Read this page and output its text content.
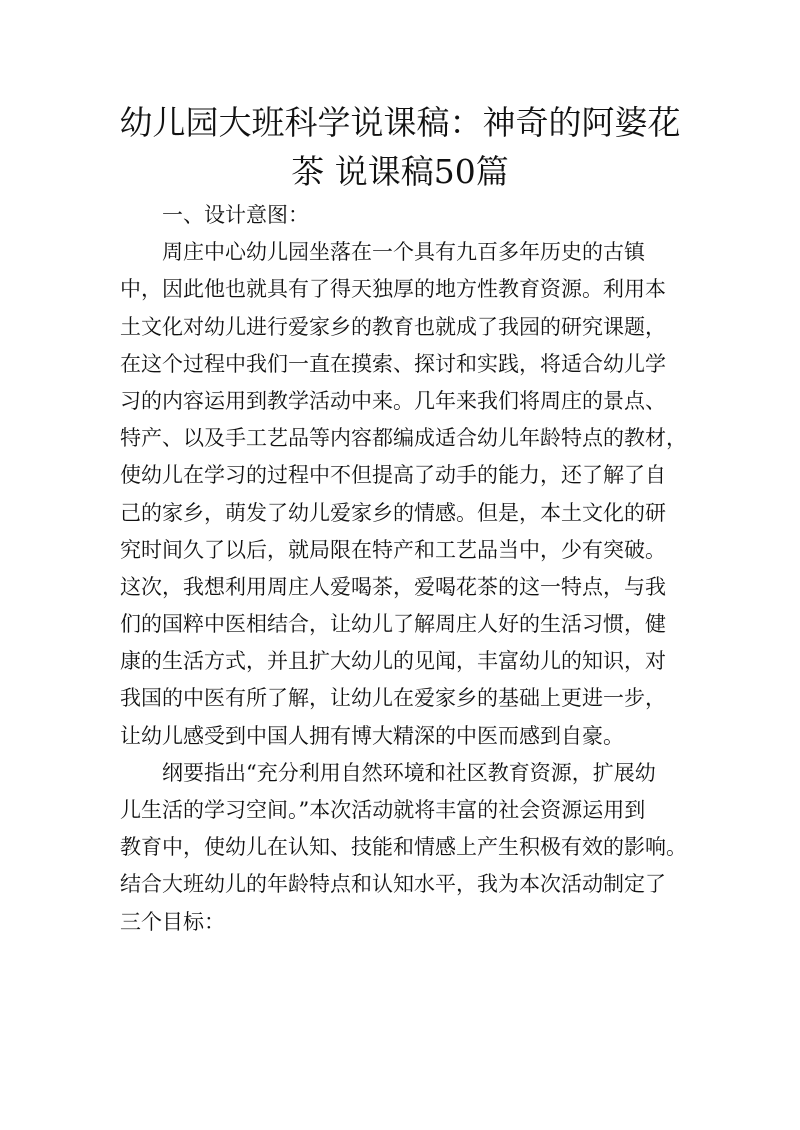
幼儿园大班科学说课稿：神奇的阿婆花
茶 说课稿50篇
一、设计意图：
周庄中心幼儿园坐落在一个具有九百多年历史的古镇
中，因此他也就具有了得天独厚的地方性教育资源。利用本
土文化对幼儿进行爱家乡的教育也就成了我园的研究课题，
在这个过程中我们一直在摸索、探讨和实践，将适合幼儿学
习的内容运用到教学活动中来。几年来我们将周庄的景点、
特产、以及手工艺品等内容都编成适合幼儿年龄特点的教材，
使幼儿在学习的过程中不但提高了动手的能力，还了解了自
己的家乡，萌发了幼儿爱家乡的情感。但是，本土文化的研
究时间久了以后，就局限在特产和工艺品当中，少有突破。
这次，我想利用周庄人爱喝茶，爱喝花茶的这一特点，与我
们的国粹中医相结合，让幼儿了解周庄人好的生活习惯，健
康的生活方式，并且扩大幼儿的见闻，丰富幼儿的知识，对
我国的中医有所了解，让幼儿在爱家乡的基础上更进一步，
让幼儿感受到中国人拥有博大精深的中医而感到自豪。
纲要指出“充分利用自然环境和社区教育资源，扩展幼
儿生活的学习空间。”本次活动就将丰富的社会资源运用到
教育中，使幼儿在认知、技能和情感上产生积极有效的影响。
结合大班幼儿的年龄特点和认知水平，我为本次活动制定了
三个目标：
